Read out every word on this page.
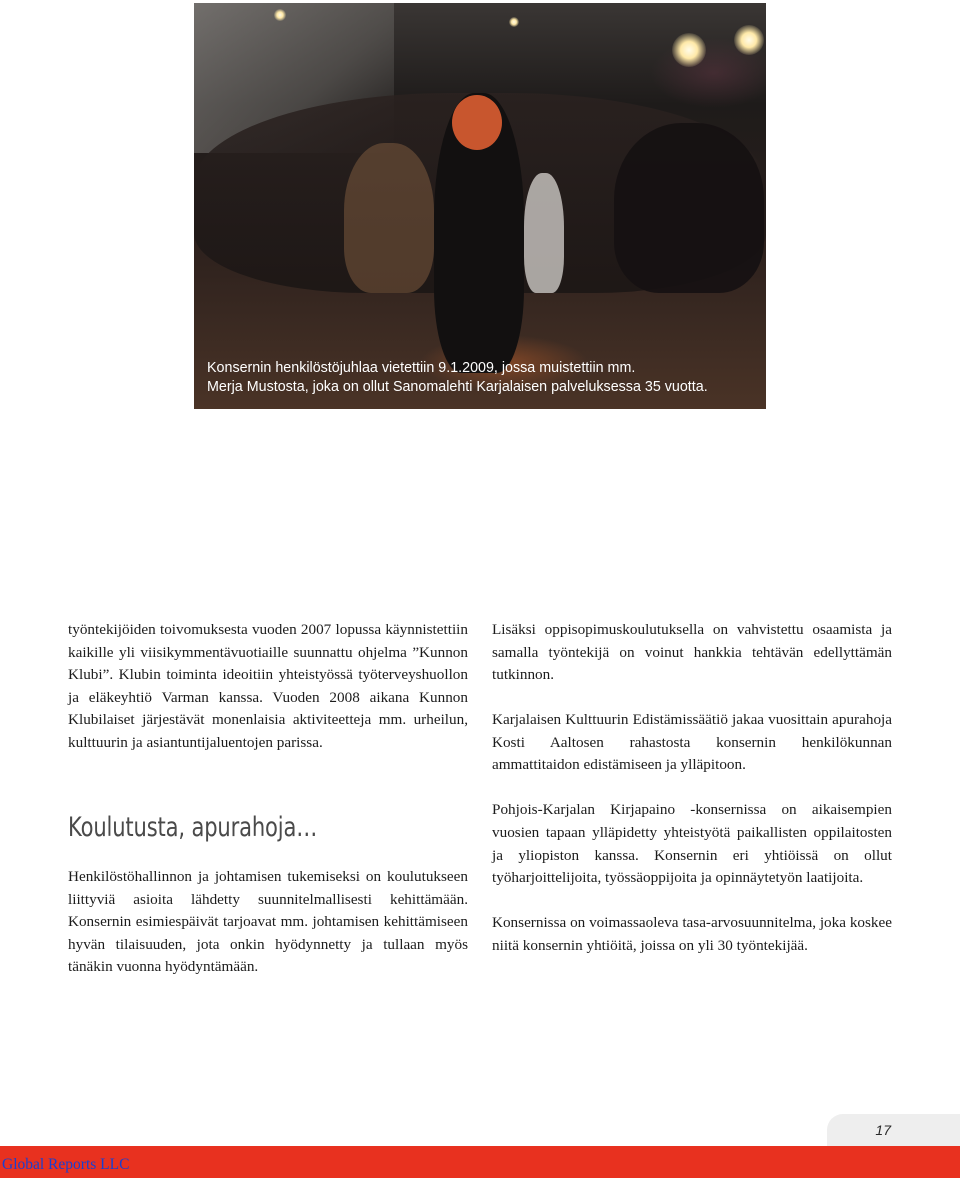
Konsernin henkilöstöjuhlaa vietettiin 9.1.2009, jossa muistettiin mm.
Merja Mustosta, joka on ollut Sanomalehti Karjalaisen palveluksessa 35 vuotta.

työntekijöiden toivomuksesta vuoden 2007 lopussa käynnistettiin kaikille yli viisikymmentävuotiaille suunnattu ohjelma ”Kunnon Klubi”. Klubin toiminta ideoitiin yhteistyössä työterveyshuollon ja eläkeyhtiö Varman kanssa. Vuoden 2008 aikana Kunnon Klubilaiset järjestävät monenlaisia aktiviteetteja mm. urheilun, kulttuurin ja asiantuntijaluentojen parissa.

Koulutusta, apurahoja…

Henkilöstöhallinnon ja johtamisen tukemiseksi on koulutukseen liittyviä asioita lähdetty suunnitelmallisesti kehittämään. Konsernin esimiespäivät tarjoavat mm. johtamisen kehittämiseen hyvän tilaisuuden, jota onkin hyödynnetty ja tullaan myös tänäkin vuonna hyödyntämään.

Lisäksi oppisopimuskoulutuksella on vahvistettu osaamista ja samalla työntekijä on voinut hankkia tehtävän edellyttämän tutkinnon.

Karjalaisen Kulttuurin Edistämissäätiö jakaa vuosittain apurahoja Kosti Aaltosen rahastosta konsernin henkilökunnan ammattitaidon edistämiseen ja ylläpitoon.

Pohjois-Karjalan Kirjapaino -konsernissa on aikaisempien vuosien tapaan ylläpidetty yhteistyötä paikallisten oppilaitosten ja yliopiston kanssa. Konsernin eri yhtiöissä on ollut työharjoittelijoita, työssäoppijoita ja opinnäytetyön laatijoita.

Konsernissa on voimassaoleva tasa-arvosuunnitelma, joka koskee niitä konsernin yhtiöitä, joissa on yli 30 työntekijää.

17
Global Reports LLC
